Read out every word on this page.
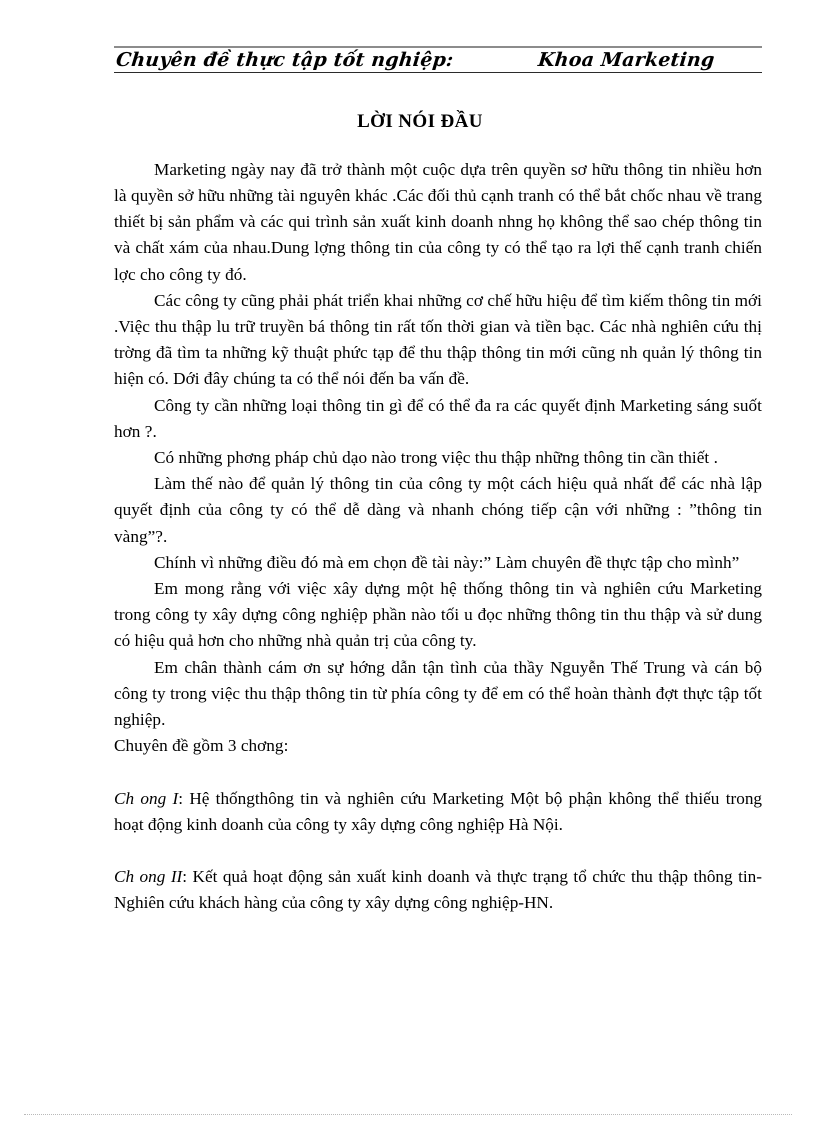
Chuyên đề thực tập tốt nghiệp:	Khoa Marketing
LỜI NÓI ĐẦU

Marketing ngày nay đã trở thành một cuộc dựa trên quyền sơ hữu thông tin nhiều hơn là quyền sở hữu những tài nguyên khác .Các đối thủ cạnh tranh có thể bắt chốc nhau về trang thiết bị sản phẩm và các qui trình sản xuất kinh doanh nhng họ không thể sao chép thông tin và chất xám của nhau.Dung lợng thông tin của công ty có thể tạo ra lợi thế cạnh tranh chiến lợc cho công ty đó.

Các công ty cũng phải phát triển khai những cơ chế hữu hiệu để tìm kiếm thông tin mới .Việc thu thập lu trữ truyền bá thông tin rất tốn thời gian và tiền bạc. Các nhà nghiên cứu thị trờng đã tìm ta những kỹ thuật phức tạp để thu thập thông tin mới cũng nh quản lý thông tin hiện có. Dới đây chúng ta có thể nói đến ba vấn đề.

Công ty cần những loại thông tin gì để có thể đa ra các quyết định Marketing sáng suốt hơn ?.

Có những phơng pháp chủ dạo nào trong việc thu thập những thông tin cần thiết .

Làm thế nào để quản lý thông tin của công ty một cách hiệu quả nhất để các nhà lập quyết định của công ty có thể dễ dàng và nhanh chóng tiếp cận với những : ”thông tin vàng”?.

Chính vì những điều đó mà em chọn đề tài này:” Làm chuyên đề thực tập cho mình”

Em mong rằng với việc xây dựng một hệ thống thông tin và nghiên cứu Marketing trong công ty xây dựng công nghiệp phần nào tối u đọc những thông tin thu thập và sử dung có hiệu quả hơn cho những nhà quản trị của công ty.

Em chân thành cám ơn sự hớng dẫn tận tình của thầy Nguyễn Thế Trung và cán bộ công ty trong việc thu thập thông tin từ phía công ty để em có thể hoàn thành đợt thực tập tốt nghiệp.

Chuyên đề gồm 3 chơng:

Ch ong I: Hệ thốngthông tin và nghiên cứu Marketing Một bộ phận không thể thiếu trong hoạt động kinh doanh của công ty xây dựng công nghiệp Hà Nội.

Ch ong II: Kết quả hoạt động sản xuất kinh doanh và thực trạng tổ chức thu thập thông tin- Nghiên cứu khách hàng của công ty xây dựng công nghiệp-HN.
